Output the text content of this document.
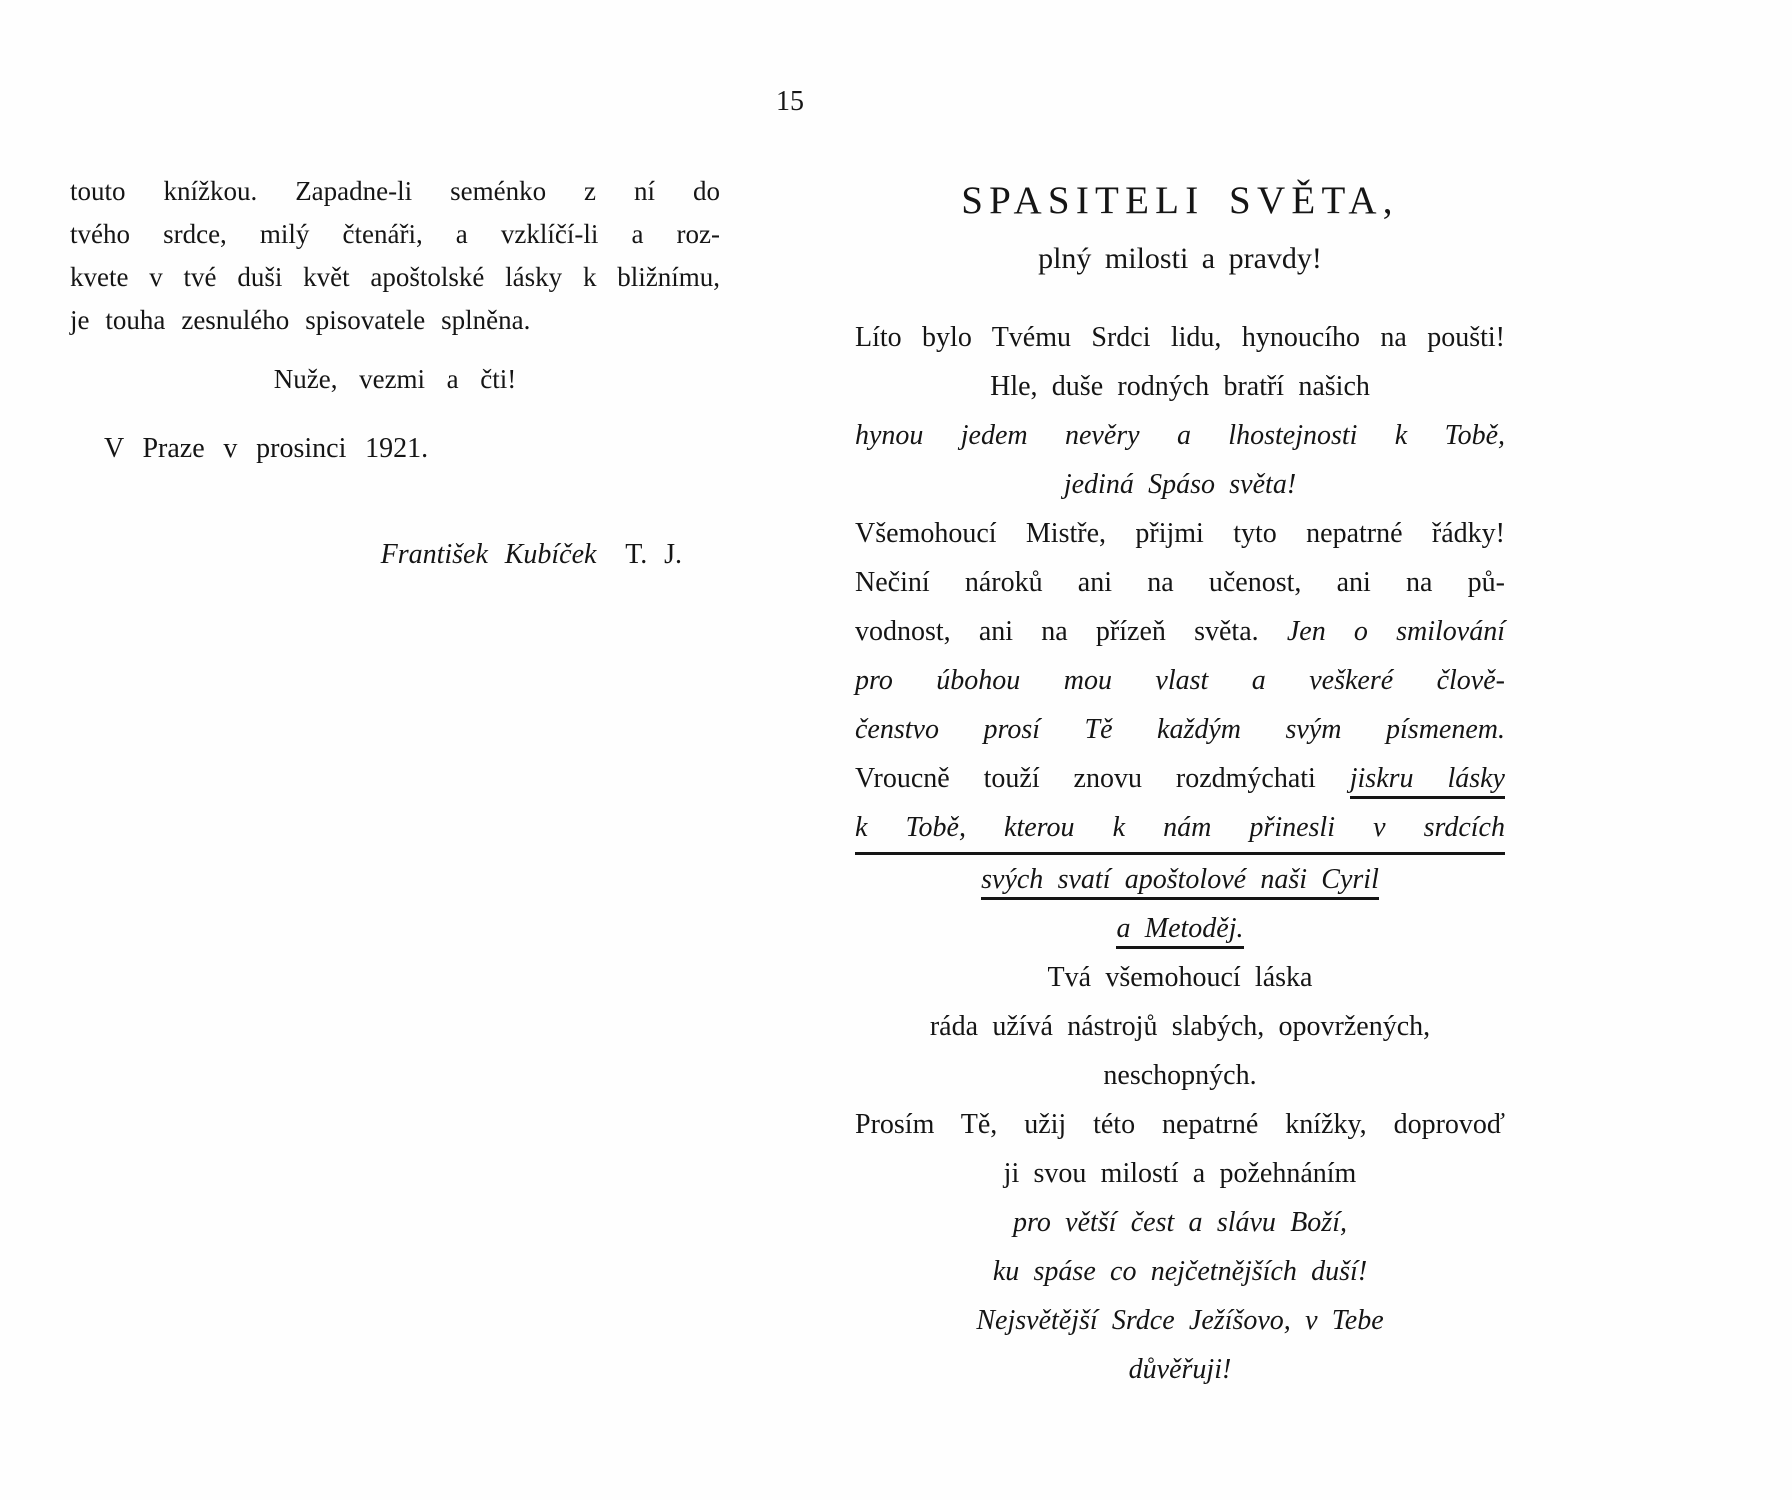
15
touto knížkou. Zapadne-li seménko z ní do
tvého srdce, milý čtenáři, a vzklíčí-li a roz-
kvete v tvé duši květ apoštolské lásky k bližnímu,
je touha zesnulého spisovatele splněna.
Nuže, vezmi a čti!
V Praze v prosinci 1921.
František Kubíček T. J.
SPASITELI SVĚTA,
plný milosti a pravdy!
Líto bylo Tvému Srdci lidu, hynoucího na poušti!
Hle, duše rodných bratří našich
hynou jedem nevěry a lhostejnosti k Tobě,
jediná Spáso světa!
Všemohoucí Mistře, přijmi tyto nepatrné řádky!
Nečiní nároků ani na učenost, ani na pů-
vodnost, ani na přízeň světa. Jen o smilování
pro úbohou mou vlast a veškeré člově-
čenstvo prosí Tě každým svým písmenem.
Vroucně touží znovu rozdmýchati jiskru lásky
k Tobě, kterou k nám přinesli v srdcích
svých svatí apoštolové naši Cyril
a Metoděj.
Tvá všemohoucí láska
ráda užívá nástrojů slabých, opovržených,
neschopných.
Prosím Tě, užij této nepatrné knížky, doprovoď
ji svou milostí a požehnáním
pro větší čest a slávu Boží,
ku spáse co nejčetnějších duší!
Nejsvětější Srdce Ježíšovo, v Tebe
důvěřuji!
